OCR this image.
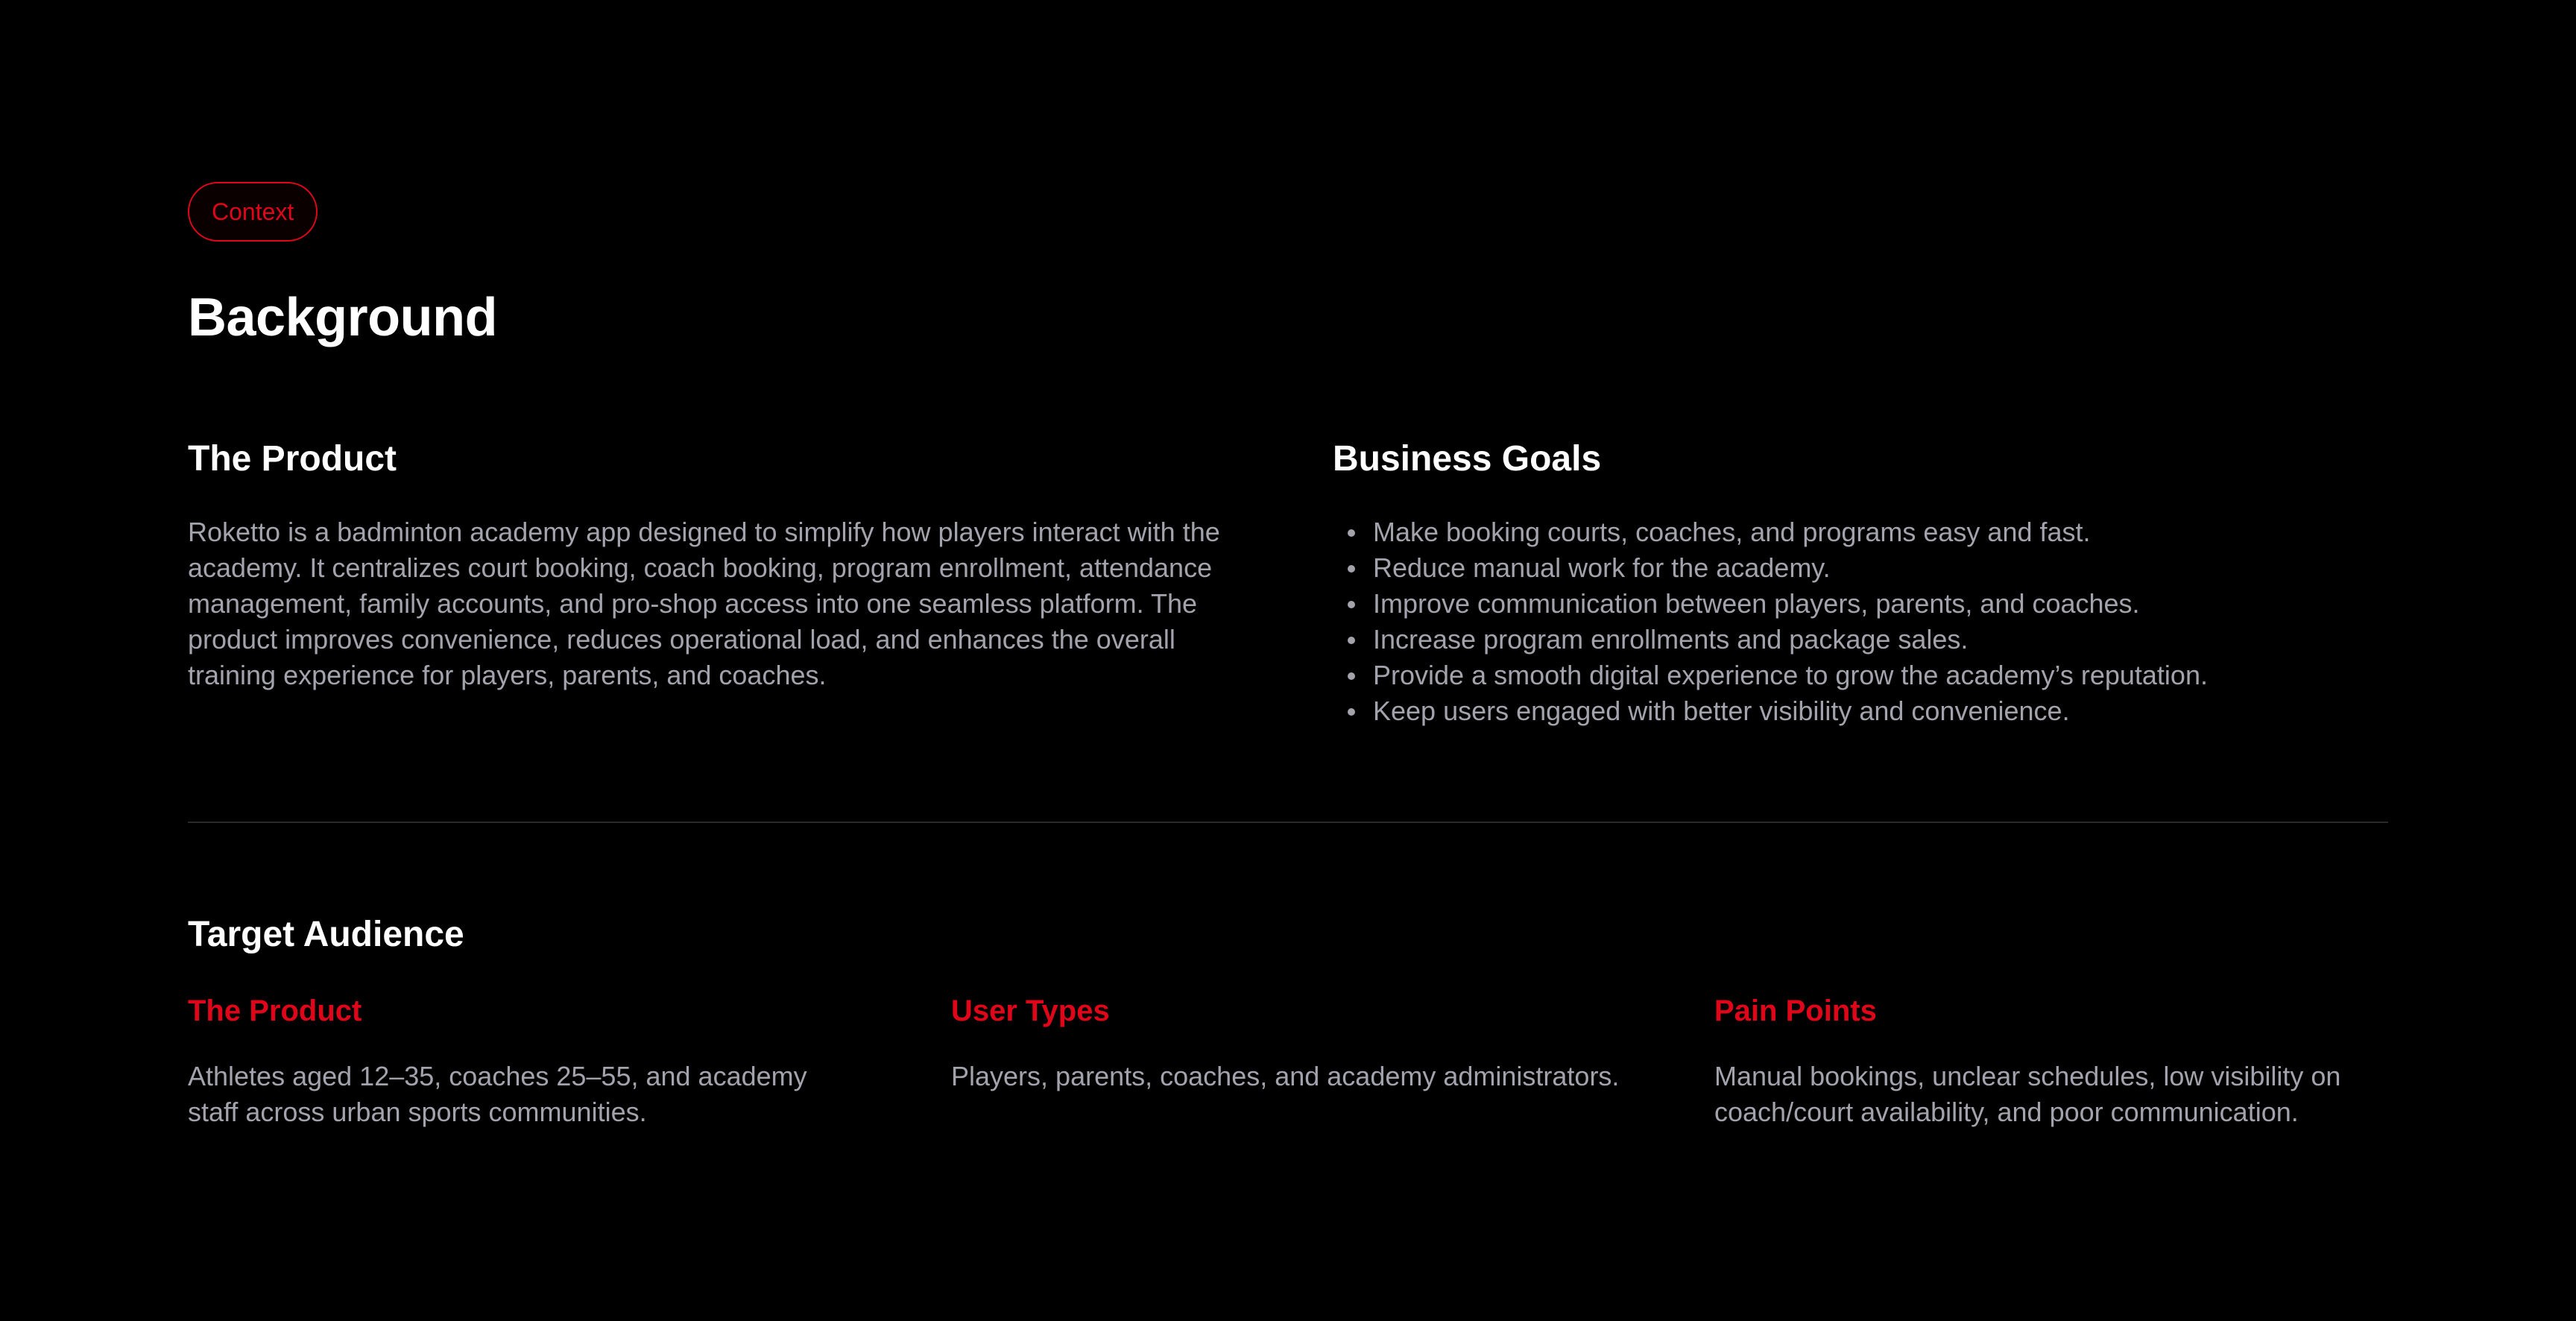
Context
Background
The Product

Roketto is a badminton academy app designed to simplify how players interact with the academy. It centralizes court booking, coach booking, program enrollment, attendance management, family accounts, and pro-shop access into one seamless platform. The product improves convenience, reduces operational load, and enhances the overall training experience for players, parents, and coaches.

Business Goals
Make booking courts, coaches, and programs easy and fast.
Reduce manual work for the academy.
Improve communication between players, parents, and coaches.
Increase program enrollments and package sales.
Provide a smooth digital experience to grow the academy’s reputation.
Keep users engaged with better visibility and convenience.
Target Audience
The Product

Athletes aged 12–35, coaches 25–55, and academy staff across urban sports communities.

User Types

Players, parents, coaches, and academy administrators.

Pain Points

Manual bookings, unclear schedules, low visibility on coach/court availability, and poor communication.
